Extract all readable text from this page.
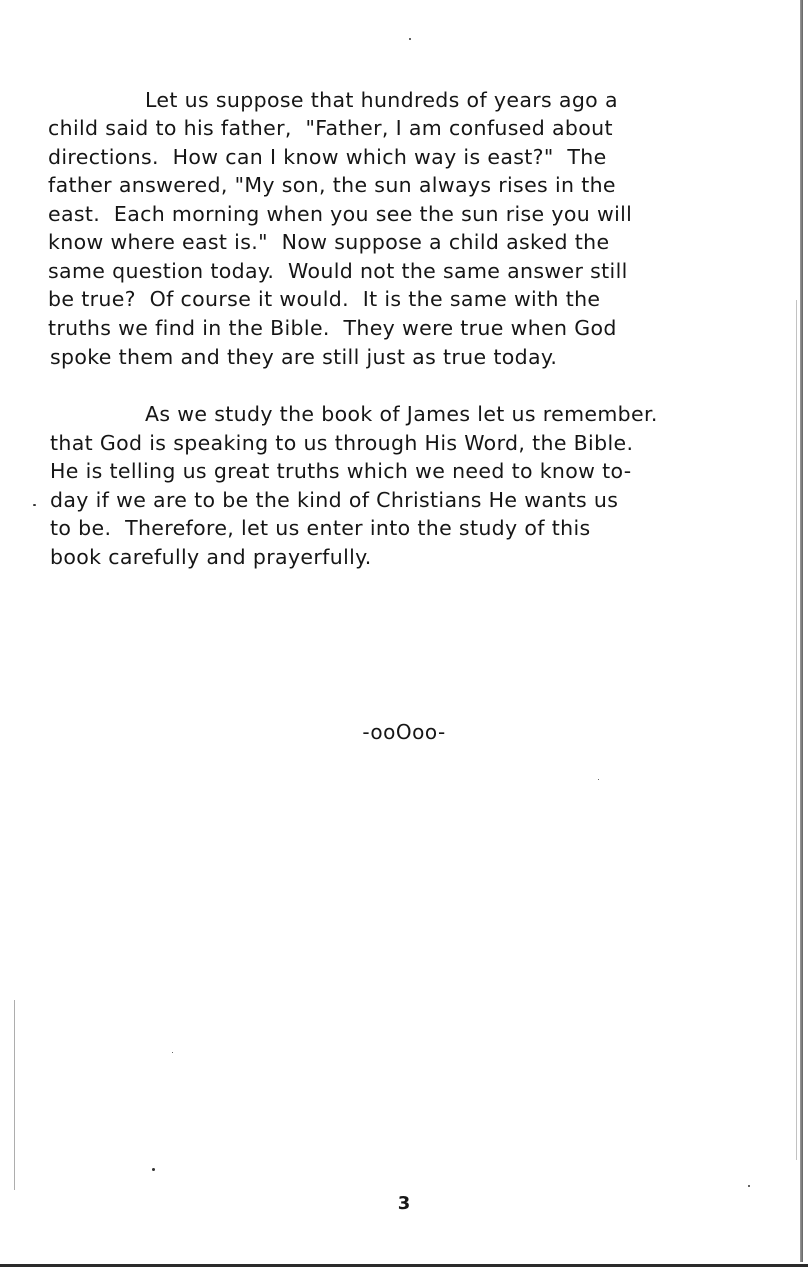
Let us suppose that hundreds of years ago a
child said to his father,  "Father, I am confused about
directions.  How can I know which way is east?"  The
father answered, "My son, the sun always rises in the
east.  Each morning when you see the sun rise you will
know where east is."  Now suppose a child asked the
same question today.  Would not the same answer still
be true?  Of course it would.  It is the same with the
truths we find in the Bible.  They were true when God
spoke them and they are still just as true today.
As we study the book of James let us remember.
that God is speaking to us through His Word, the Bible.
He is telling us great truths which we need to know to-
day if we are to be the kind of Christians He wants us
to be.  Therefore, let us enter into the study of this
book carefully and prayerfully.
-ooOoo-
3
